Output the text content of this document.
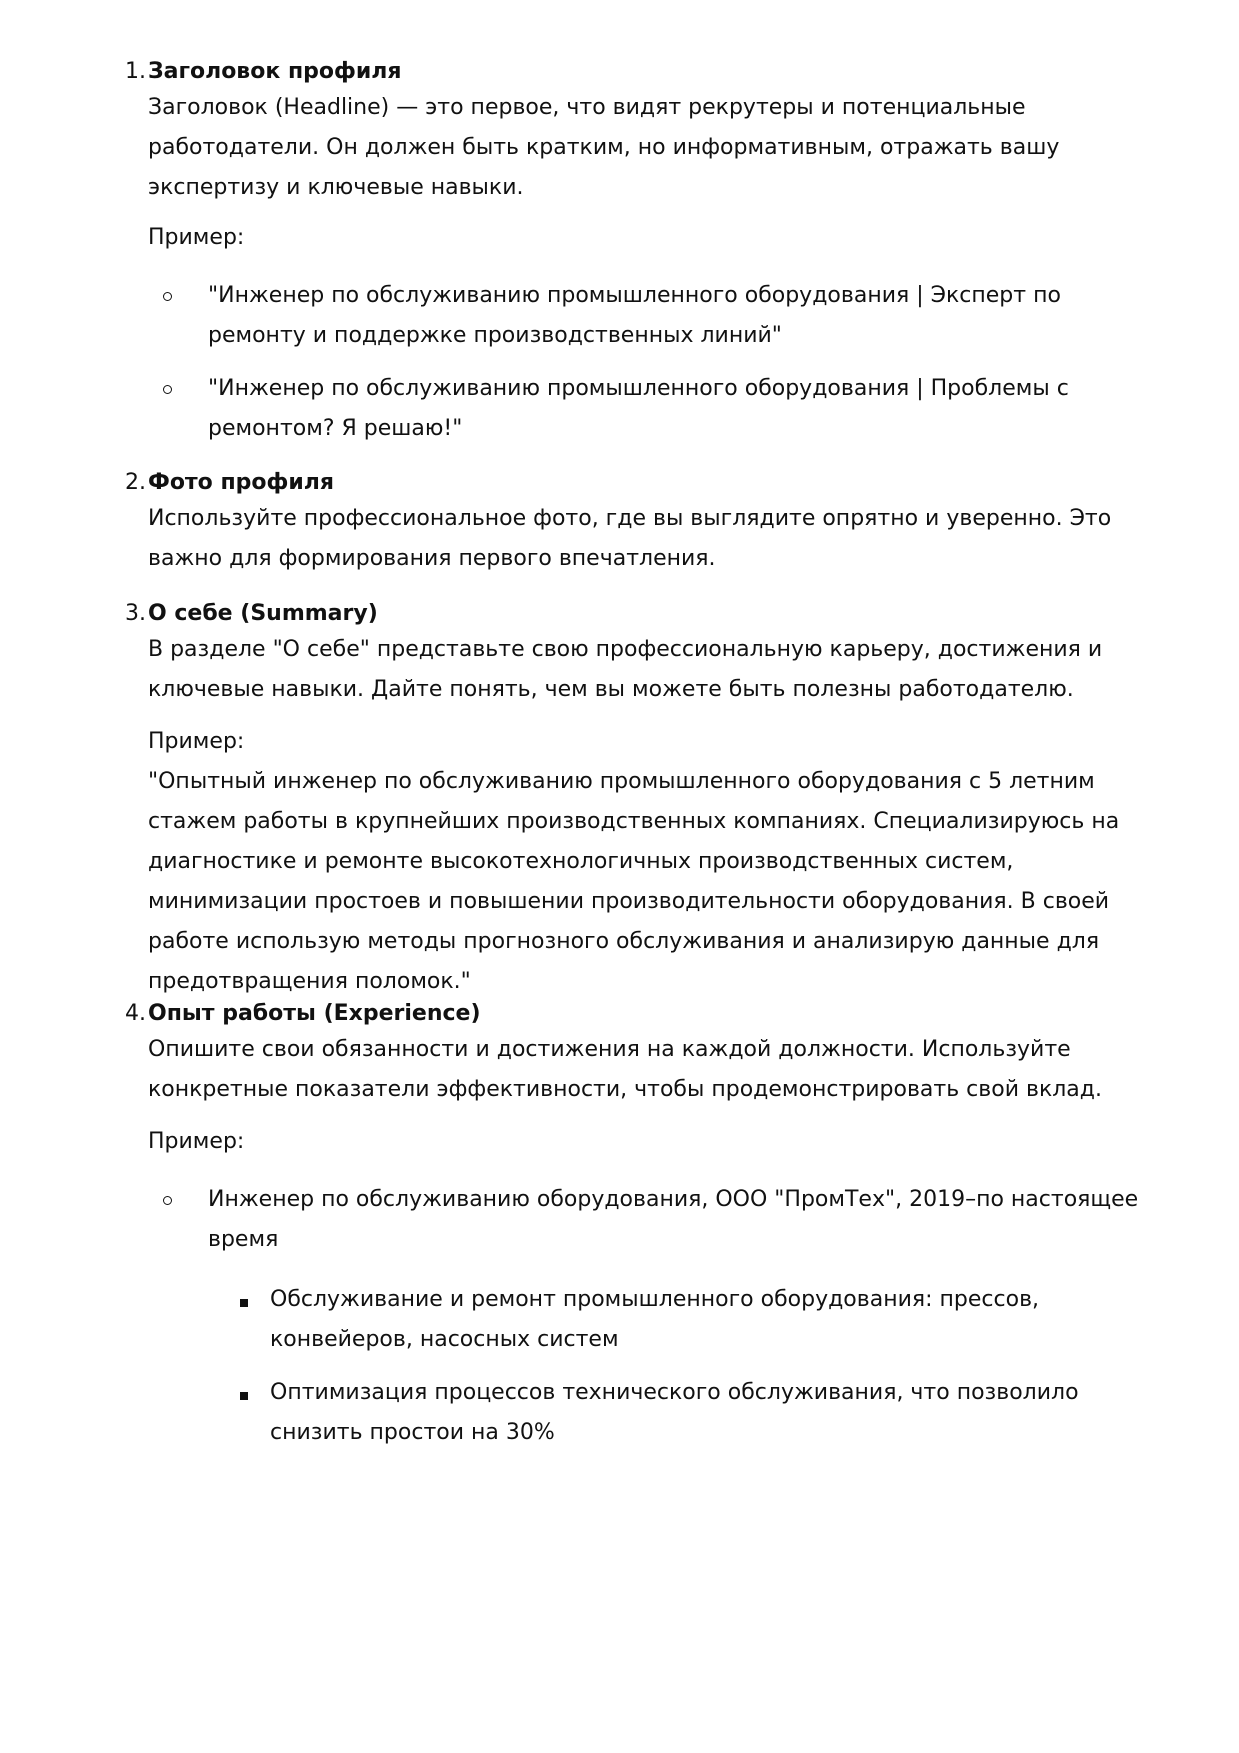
1. Заголовок профиля
Заголовок (Headline) — это первое, что видят рекрутеры и потенциальные
работодатели. Он должен быть кратким, но информативным, отражать вашу
экспертизу и ключевые навыки.
Пример:
"Инженер по обслуживанию промышленного оборудования | Эксперт по
ремонту и поддержке производственных линий"
"Инженер по обслуживанию промышленного оборудования | Проблемы с
ремонтом? Я решаю!"
2. Фото профиля
Используйте профессиональное фото, где вы выглядите опрятно и уверенно. Это
важно для формирования первого впечатления.
3. О себе (Summary)
В разделе "О себе" представьте свою профессиональную карьеру, достижения и
ключевые навыки. Дайте понять, чем вы можете быть полезны работодателю.
Пример:
"Опытный инженер по обслуживанию промышленного оборудования с 5 летним
стажем работы в крупнейших производственных компаниях. Специализируюсь на
диагностике и ремонте высокотехнологичных производственных систем,
минимизации простоев и повышении производительности оборудования. В своей
работе использую методы прогнозного обслуживания и анализирую данные для
предотвращения поломок."
4. Опыт работы (Experience)
Опишите свои обязанности и достижения на каждой должности. Используйте
конкретные показатели эффективности, чтобы продемонстрировать свой вклад.
Пример:
Инженер по обслуживанию оборудования, ООО "ПромТех", 2019–по настоящее
время
Обслуживание и ремонт промышленного оборудования: прессов,
конвейеров, насосных систем
Оптимизация процессов технического обслуживания, что позволило
снизить простои на 30%
